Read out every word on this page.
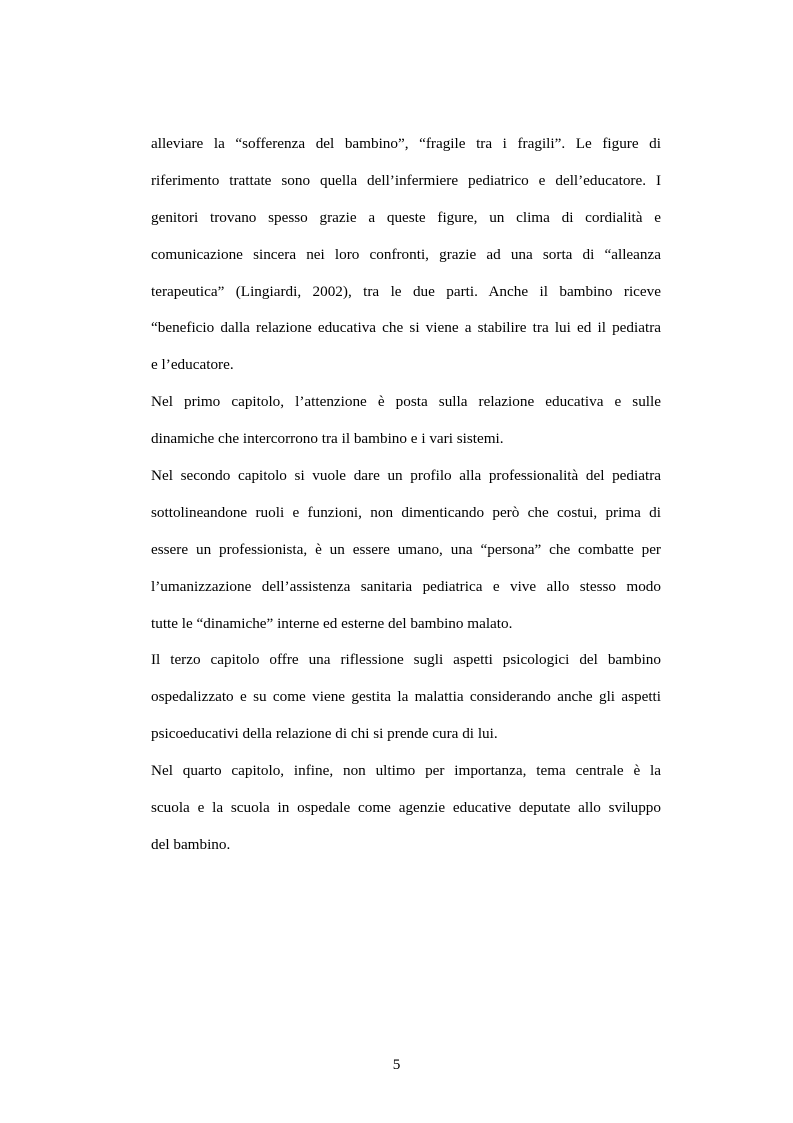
alleviare la “sofferenza del bambino”, “fragile tra i fragili”. Le figure di
riferimento trattate sono quella dell’infermiere pediatrico e dell’educatore. I
genitori trovano spesso grazie a queste figure, un clima di cordialità e
comunicazione sincera nei loro confronti, grazie ad una sorta di “alleanza
terapeutica” (Lingiardi, 2002), tra le due parti. Anche il bambino riceve
“beneficio dalla relazione educativa che si viene a stabilire tra lui ed il pediatra
e l’educatore.
Nel primo capitolo, l’attenzione è posta sulla relazione educativa e sulle
dinamiche che intercorrono tra il bambino e i vari sistemi.
Nel secondo capitolo si vuole dare un profilo alla professionalità del pediatra
sottolineandone ruoli e funzioni, non dimenticando però che costui, prima di
essere un professionista, è un essere umano, una “persona” che combatte per
l’umanizzazione dell’assistenza sanitaria pediatrica e vive allo stesso modo
tutte le “dinamiche” interne ed esterne del bambino malato.
Il terzo capitolo offre una riflessione sugli aspetti psicologici del bambino
ospedalizzato e su come viene gestita la malattia considerando anche gli aspetti
psicoeducativi della relazione di chi si prende cura di lui.
Nel quarto capitolo, infine, non ultimo per importanza, tema centrale è la
scuola e la scuola in ospedale come agenzie educative deputate allo sviluppo
del bambino.
5
